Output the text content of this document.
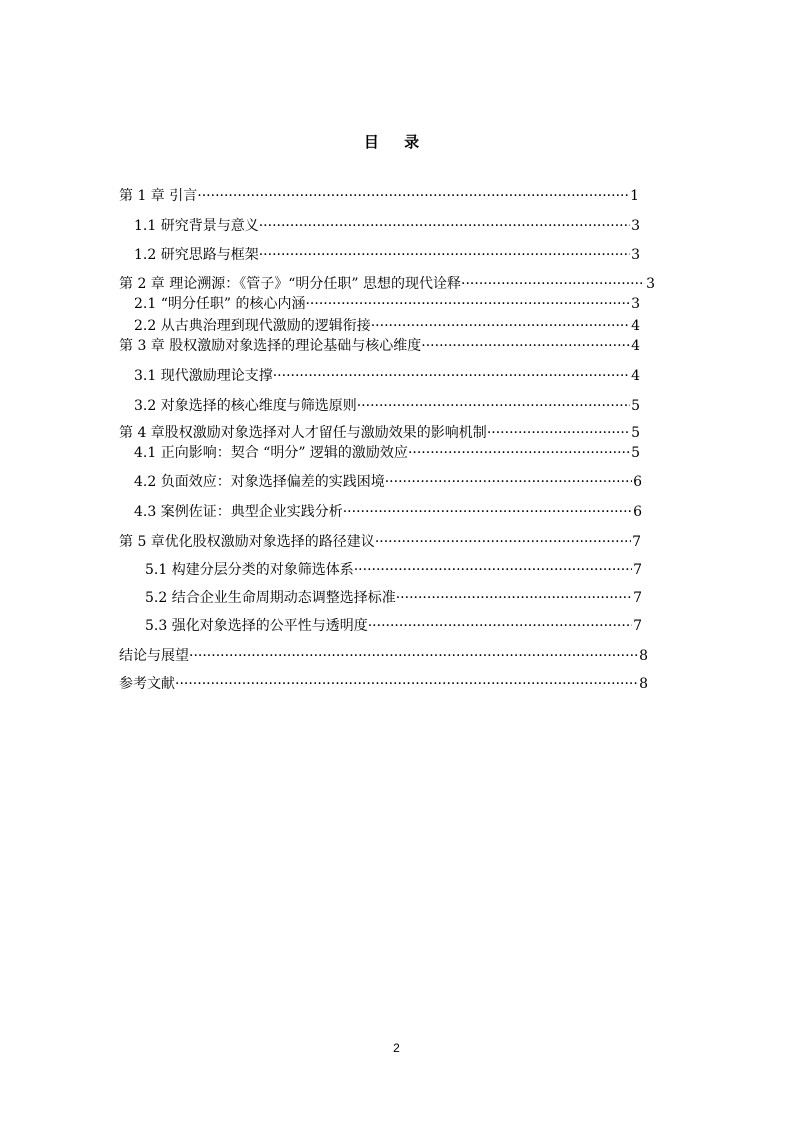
目 录
第 1 章 引言 ·····	1
1.1 研究背景与意义 ·····	3
1.2 研究思路与框架 ·····	3
第 2 章 理论溯源：《管子》“明分任职” 思想的现代诠释 ·····	3
2.1 “明分任职” 的核心内涵 ·····	3
2.2 从古典治理到现代激励的逻辑衔接 ·····	4
第 3 章 股权激励对象选择的理论基础与核心维度 ·····	4
3.1 现代激励理论支撑 ·····	4
3.2 对象选择的核心维度与筛选原则 ·····	5
第 4 章股权激励对象选择对人才留任与激励效果的影响机制 ·····	5
4.1 正向影响：契合 “明分” 逻辑的激励效应 ·····	5
4.2 负面效应：对象选择偏差的实践困境 ·····	6
4.3 案例佐证：典型企业实践分析 ·····	6
第 5 章优化股权激励对象选择的路径建议 ·····	7
5.1 构建分层分类的对象筛选体系 ·····	7
5.2 结合企业生命周期动态调整选择标准 ·····	7
5.3 强化对象选择的公平性与透明度 ·····	7
结论与展望 ·····	8
参考文献 ·····	8
2
